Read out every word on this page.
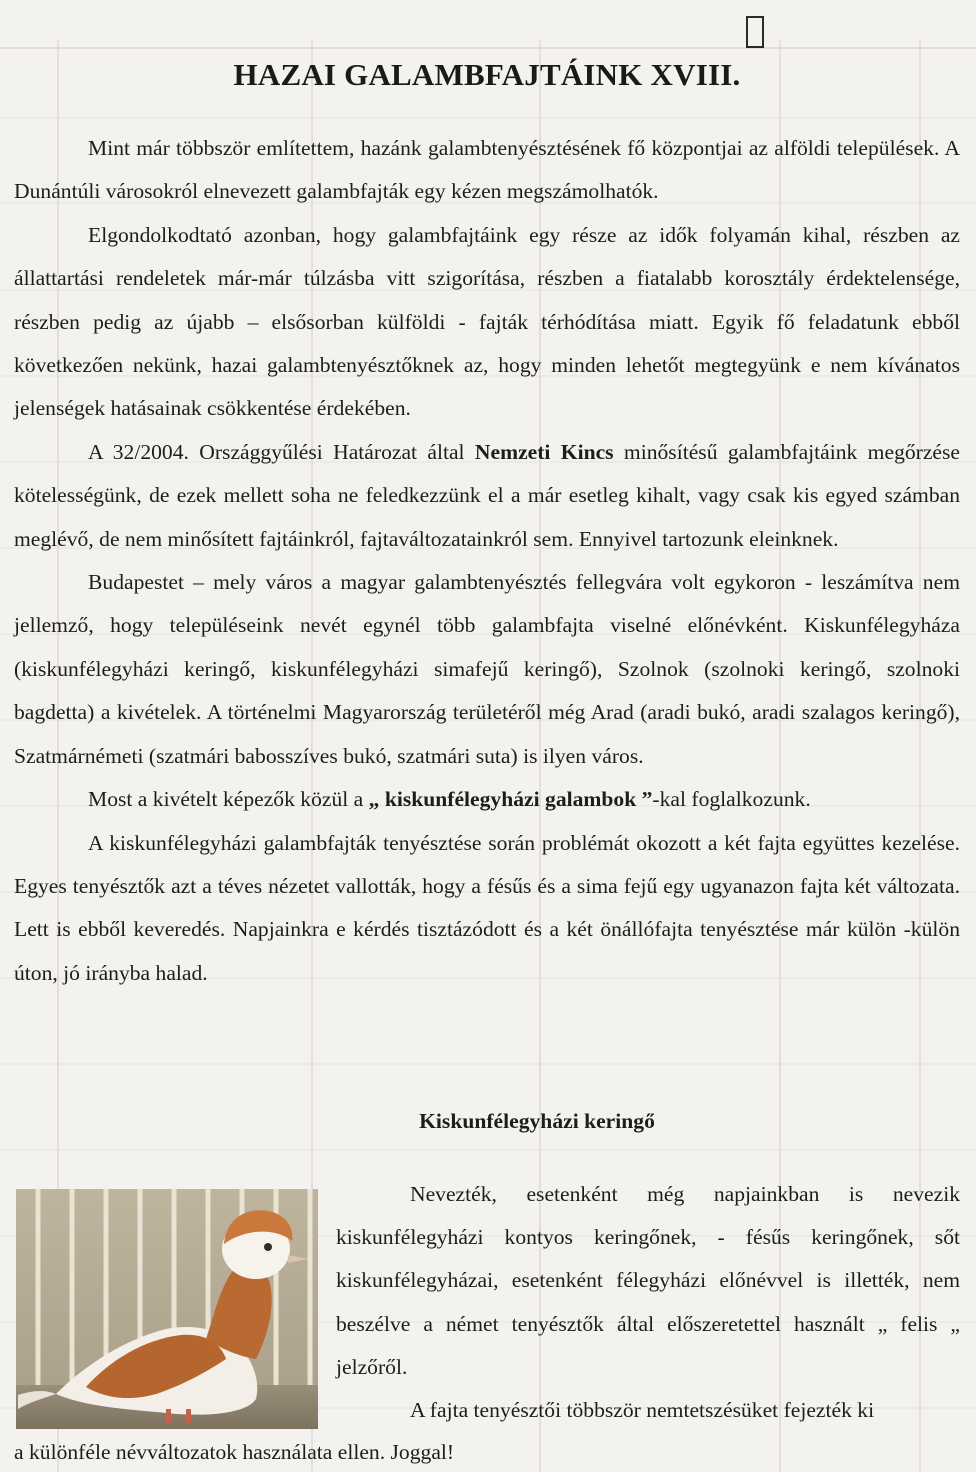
HAZAI GALAMBFAJTÁINK XVIII.

Mint már többször említettem, hazánk galambtenyésztésének fő központjai az alföldi települések. A Dunántúli városokról elnevezett galambfajták egy kézen megszámolhatók.

Elgondolkodtató azonban, hogy galambfajtáink egy része az idők folyamán kihal, részben az állattartási rendeletek már-már túlzásba vitt szigorítása, részben a fiatalabb korosztály érdektelensége, részben pedig az újabb – elsősorban külföldi - fajták térhódítása miatt. Egyik fő feladatunk ebből következően nekünk, hazai galambtenyésztőknek az, hogy minden lehetőt megtegyünk e nem kívánatos jelenségek hatásainak csökkentése érdekében.

A 32/2004. Országgyűlési Határozat által Nemzeti Kincs minősítésű galambfajtáink megőrzése kötelességünk, de ezek mellett soha ne feledkezzünk el a már esetleg kihalt, vagy csak kis egyed számban meglévő, de nem minősített fajtáinkról, fajtaváltozatainkról sem. Ennyivel tartozunk eleinknek.

Budapestet – mely város a magyar galambtenyésztés fellegvára volt egykoron - leszámítva nem jellemző, hogy településeink nevét egynél több galambfajta viselné előnévként. Kiskunfélegyháza (kiskunfélegyházi keringő, kiskunfélegyházi simafejű keringő), Szolnok (szolnoki keringő, szolnoki bagdetta) a kivételek. A történelmi Magyarország területéről még Arad (aradi bukó, aradi szalagos keringő), Szatmárnémeti (szatmári babosszíves bukó, szatmári suta) is ilyen város.

Most a kivételt képezők közül a „ kiskunfélegyházi galambok ”-kal foglalkozunk.

A kiskunfélegyházi galambfajták tenyésztése során problémát okozott a két fajta együttes kezelése. Egyes tenyésztők azt a téves nézetet vallották, hogy a fésűs és a sima fejű egy ugyanazon fajta két változata. Lett is ebből keveredés. Napjainkra e kérdés tisztázódott és a két önállófajta tenyésztése már külön -külön úton, jó irányba halad.

Kiskunfélegyházi keringő

Nevezték, esetenként még napjainkban is nevezik kiskunfélegyházi kontyos keringőnek, - fésűs keringőnek, sőt kiskunfélegyházai, esetenként félegyházi előnévvel is illették, nem beszélve a német tenyésztők által előszeretettel használt „ felis „ jelzőről.

A fajta tenyésztői többször nemtetszésüket fejezték ki

a különféle névváltozatok használata ellen. Joggal!
